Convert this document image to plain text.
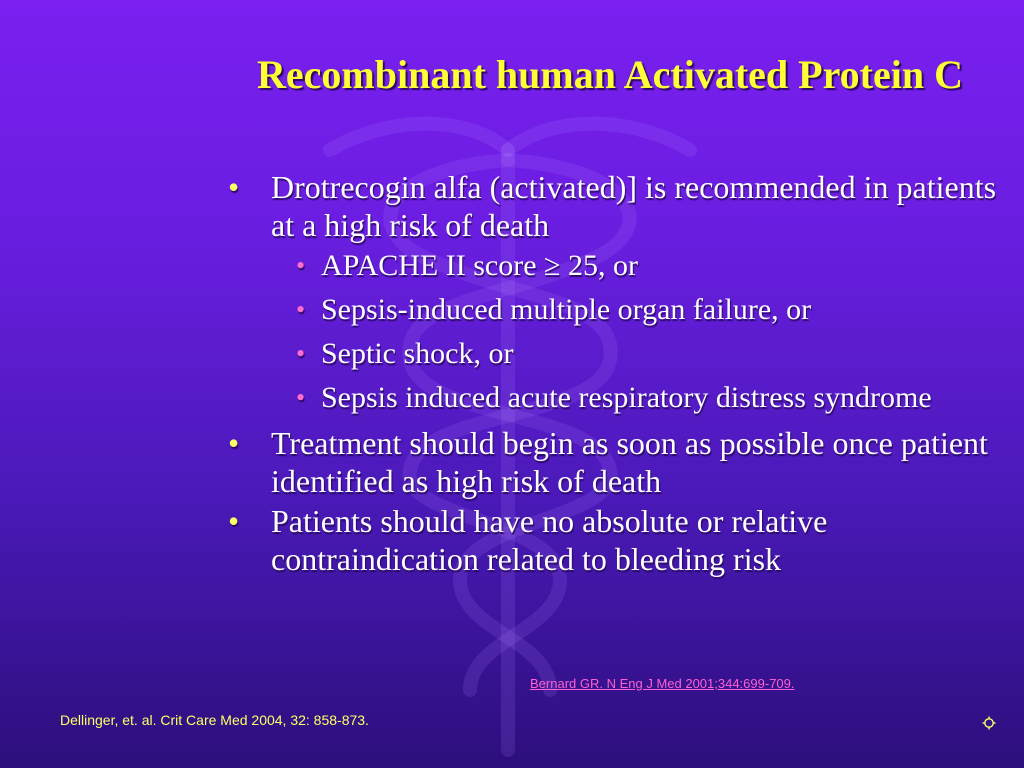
Recombinant human Activated Protein C
• Drotrecogin alfa (activated)] is recommended in patients at a high risk of death
• APACHE II score ≥ 25, or
• Sepsis-induced multiple organ failure, or
• Septic shock, or
• Sepsis induced acute respiratory distress syndrome
• Treatment should begin as soon as possible once patient identified as high risk of death
• Patients should have no absolute or relative contraindication related to bleeding risk
Bernard GR. N Eng J Med 2001;344:699-709.
Dellinger, et. al. Crit Care Med 2004, 32: 858-873.
